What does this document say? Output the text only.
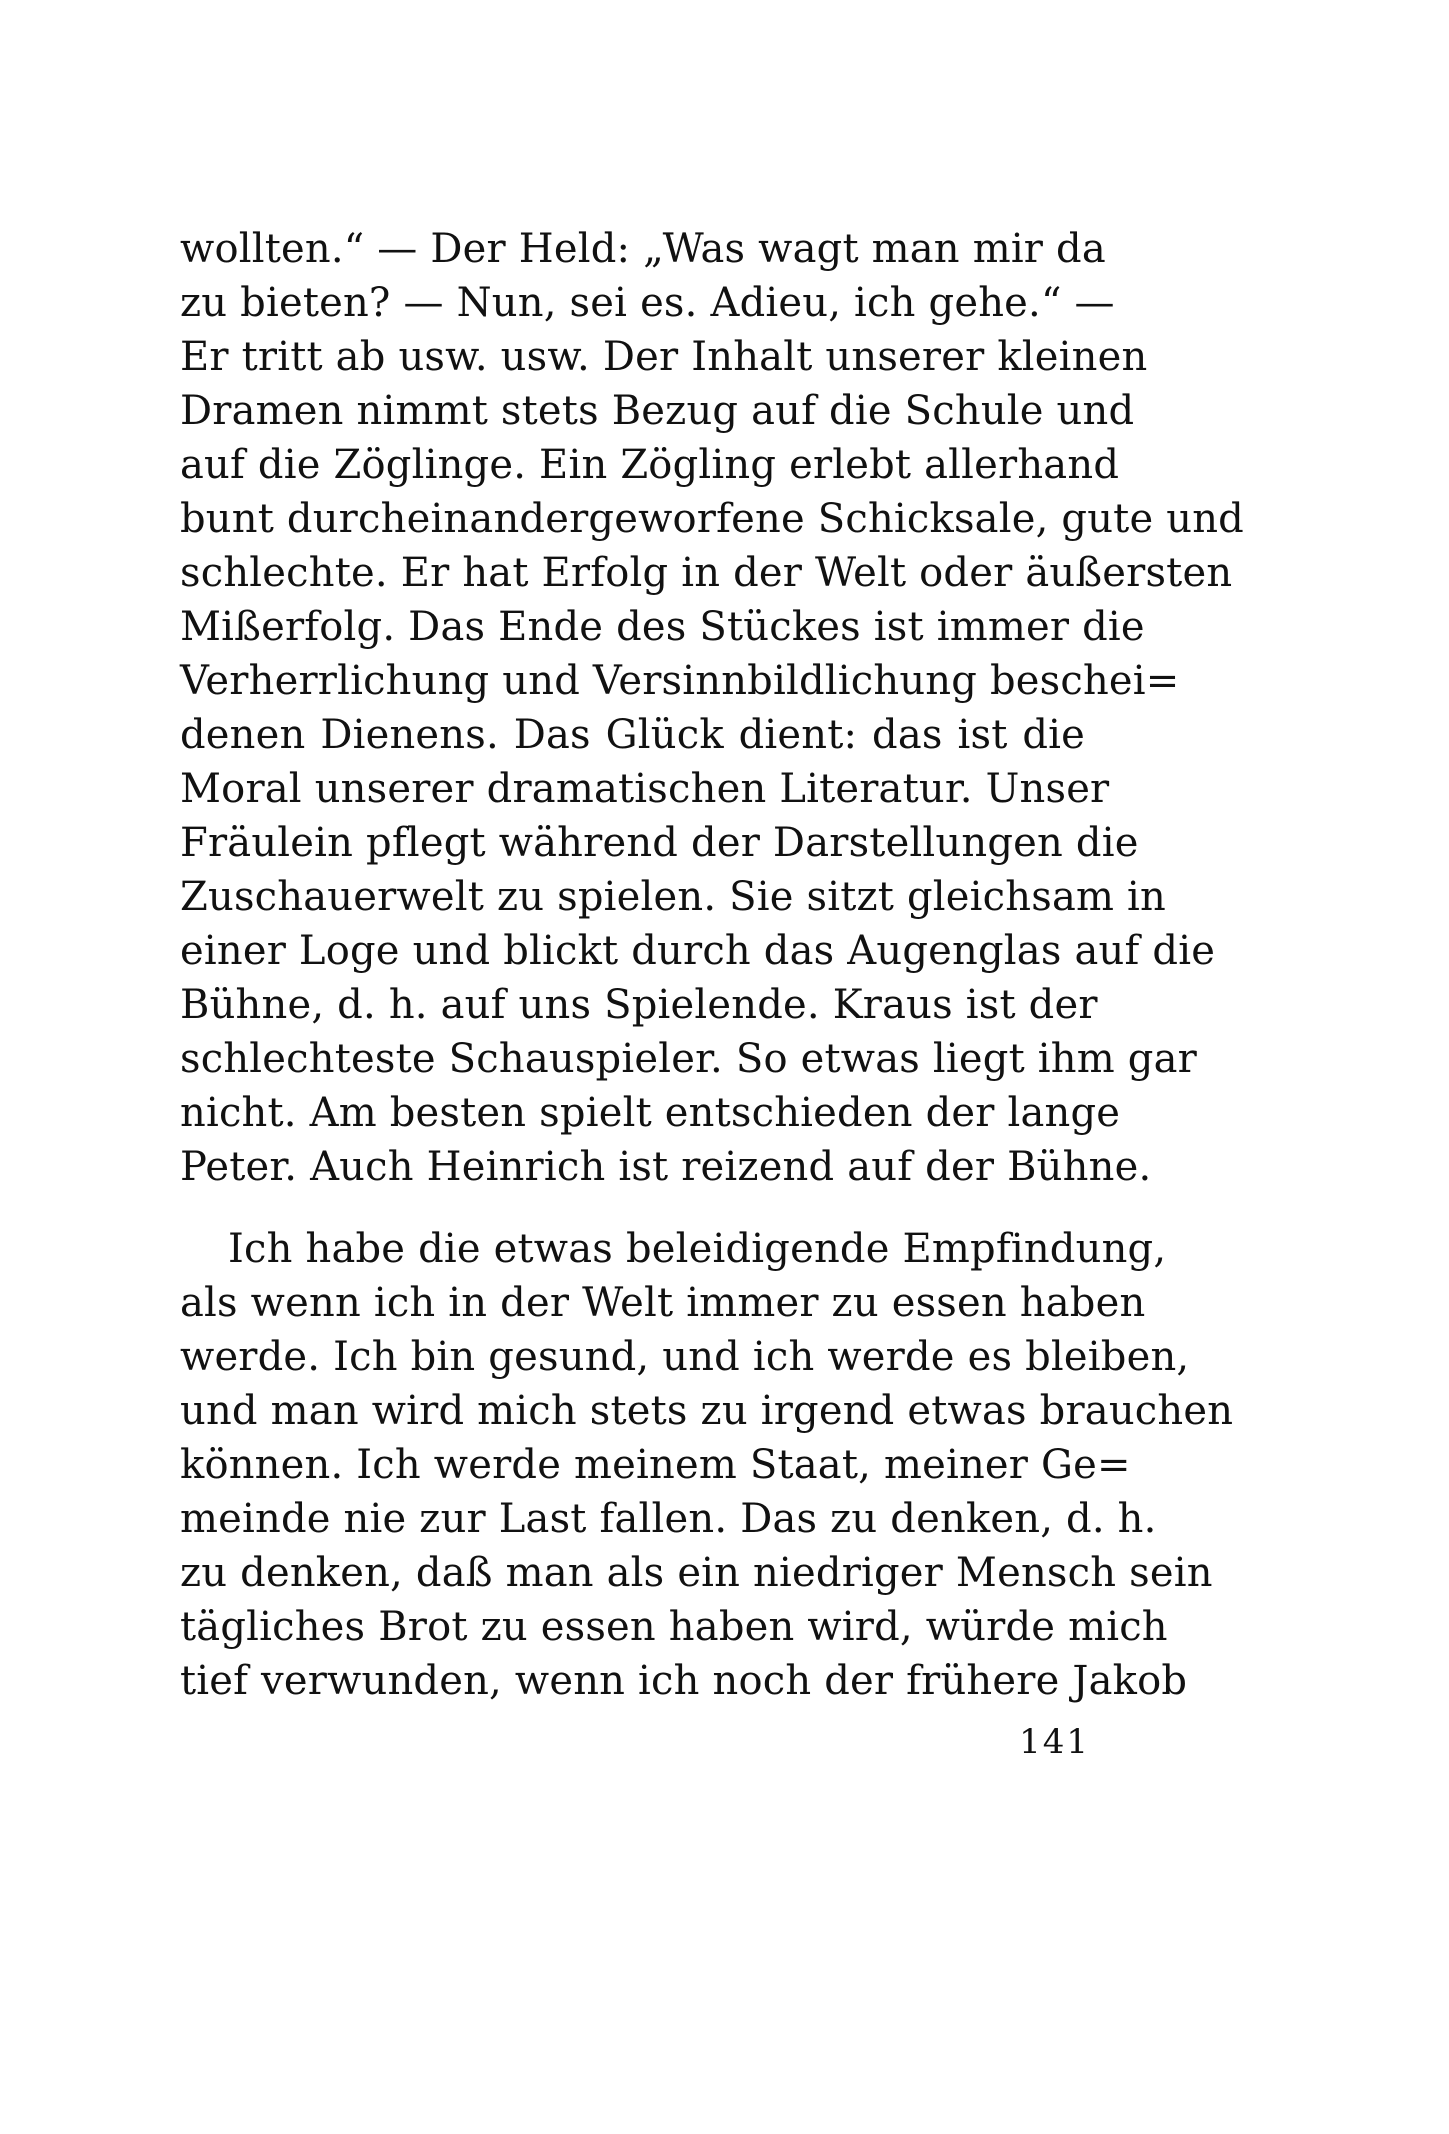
wollten.“ — Der Held: „Was wagt man mir da
zu bieten? — Nun, sei es. Adieu, ich gehe.“ —
Er tritt ab usw. usw. Der Inhalt unserer kleinen
Dramen nimmt stets Bezug auf die Schule und
auf die Zöglinge. Ein Zögling erlebt allerhand
bunt durcheinandergeworfene Schicksale, gute und
schlechte. Er hat Erfolg in der Welt oder äußersten
Mißerfolg. Das Ende des Stückes ist immer die
Verherrlichung und Versinnbildlichung beschei=
denen Dienens. Das Glück dient: das ist die
Moral unserer dramatischen Literatur. Unser
Fräulein pflegt während der Darstellungen die
Zuschauerwelt zu spielen. Sie sitzt gleichsam in
einer Loge und blickt durch das Augenglas auf die
Bühne, d. h. auf uns Spielende. Kraus ist der
schlechteste Schauspieler. So etwas liegt ihm gar
nicht. Am besten spielt entschieden der lange
Peter. Auch Heinrich ist reizend auf der Bühne.
Ich habe die etwas beleidigende Empfindung,
als wenn ich in der Welt immer zu essen haben
werde. Ich bin gesund, und ich werde es bleiben,
und man wird mich stets zu irgend etwas brauchen
können. Ich werde meinem Staat, meiner Ge=
meinde nie zur Last fallen. Das zu denken, d. h.
zu denken, daß man als ein niedriger Mensch sein
tägliches Brot zu essen haben wird, würde mich
tief verwunden, wenn ich noch der frühere Jakob
141
